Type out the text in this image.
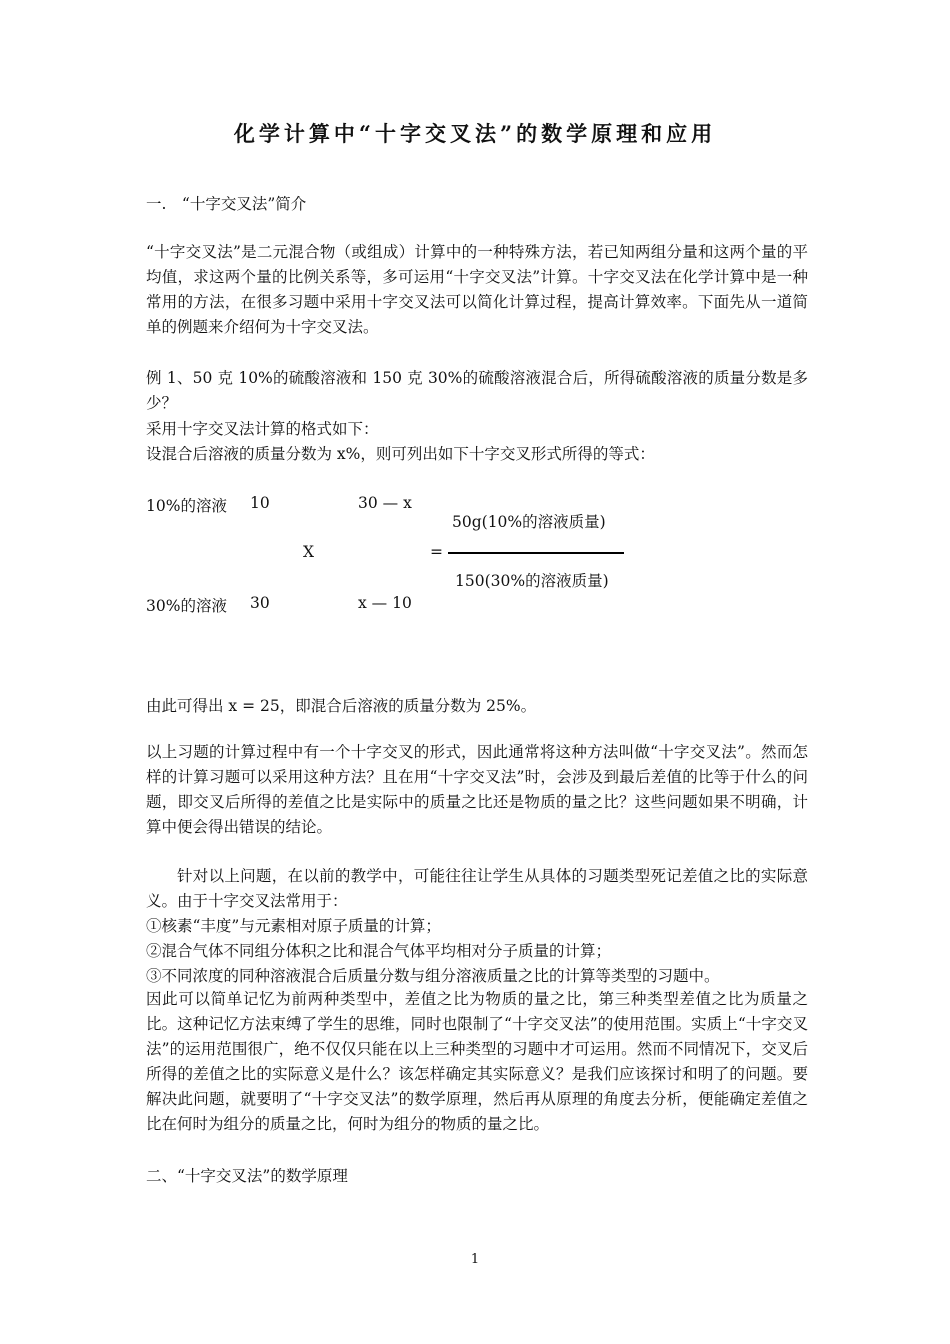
化学计算中“十字交叉法”的数学原理和应用
一.　“十字交叉法”简介

“十字交叉法”是二元混合物（或组成）计算中的一种特殊方法，若已知两组分量和这两个量的平均值，求这两个量的比例关系等，多可运用“十字交叉法”计算。十字交叉法在化学计算中是一种常用的方法，在很多习题中采用十字交叉法可以简化计算过程，提高计算效率。下面先从一道简单的例题来介绍何为十字交叉法。

例 1、50 克 10%的硫酸溶液和 150 克 30%的硫酸溶液混合后，所得硫酸溶液的质量分数是多少？

采用十字交叉法计算的格式如下：
设混合后溶液的质量分数为 x%，则可列出如下十字交叉形式所得的等式：
10%的溶液 10	30 — x
50g(10%的溶液质量)
X	=
150(30%的溶液质量)
30%的溶液 30	x — 10
由此可得出 x = 25，即混合后溶液的质量分数为 25%。

以上习题的计算过程中有一个十字交叉的形式，因此通常将这种方法叫做“十字交叉法”。然而怎样的计算习题可以采用这种方法？且在用“十字交叉法”时，会涉及到最后差值的比等于什么的问题，即交叉后所得的差值之比是实际中的质量之比还是物质的量之比？这些问题如果不明确，计算中便会得出错误的结论。

针对以上问题，在以前的教学中，可能往往让学生从具体的习题类型死记差值之比的实际意义。由于十字交叉法常用于：

①核素“丰度”与元素相对原子质量的计算；
②混合气体不同组分体积之比和混合气体平均相对分子质量的计算；
③不同浓度的同种溶液混合后质量分数与组分溶液质量之比的计算等类型的习题中。

因此可以简单记忆为前两种类型中，差值之比为物质的量之比，第三种类型差值之比为质量之比。这种记忆方法束缚了学生的思维，同时也限制了“十字交叉法”的使用范围。实质上“十字交叉法”的运用范围很广，绝不仅仅只能在以上三种类型的习题中才可运用。然而不同情况下，交叉后所得的差值之比的实际意义是什么？该怎样确定其实际意义？是我们应该探讨和明了的问题。要解决此问题，就要明了“十字交叉法”的数学原理，然后再从原理的角度去分析，便能确定差值之比在何时为组分的质量之比，何时为组分的物质的量之比。

二、“十字交叉法”的数学原理
1
